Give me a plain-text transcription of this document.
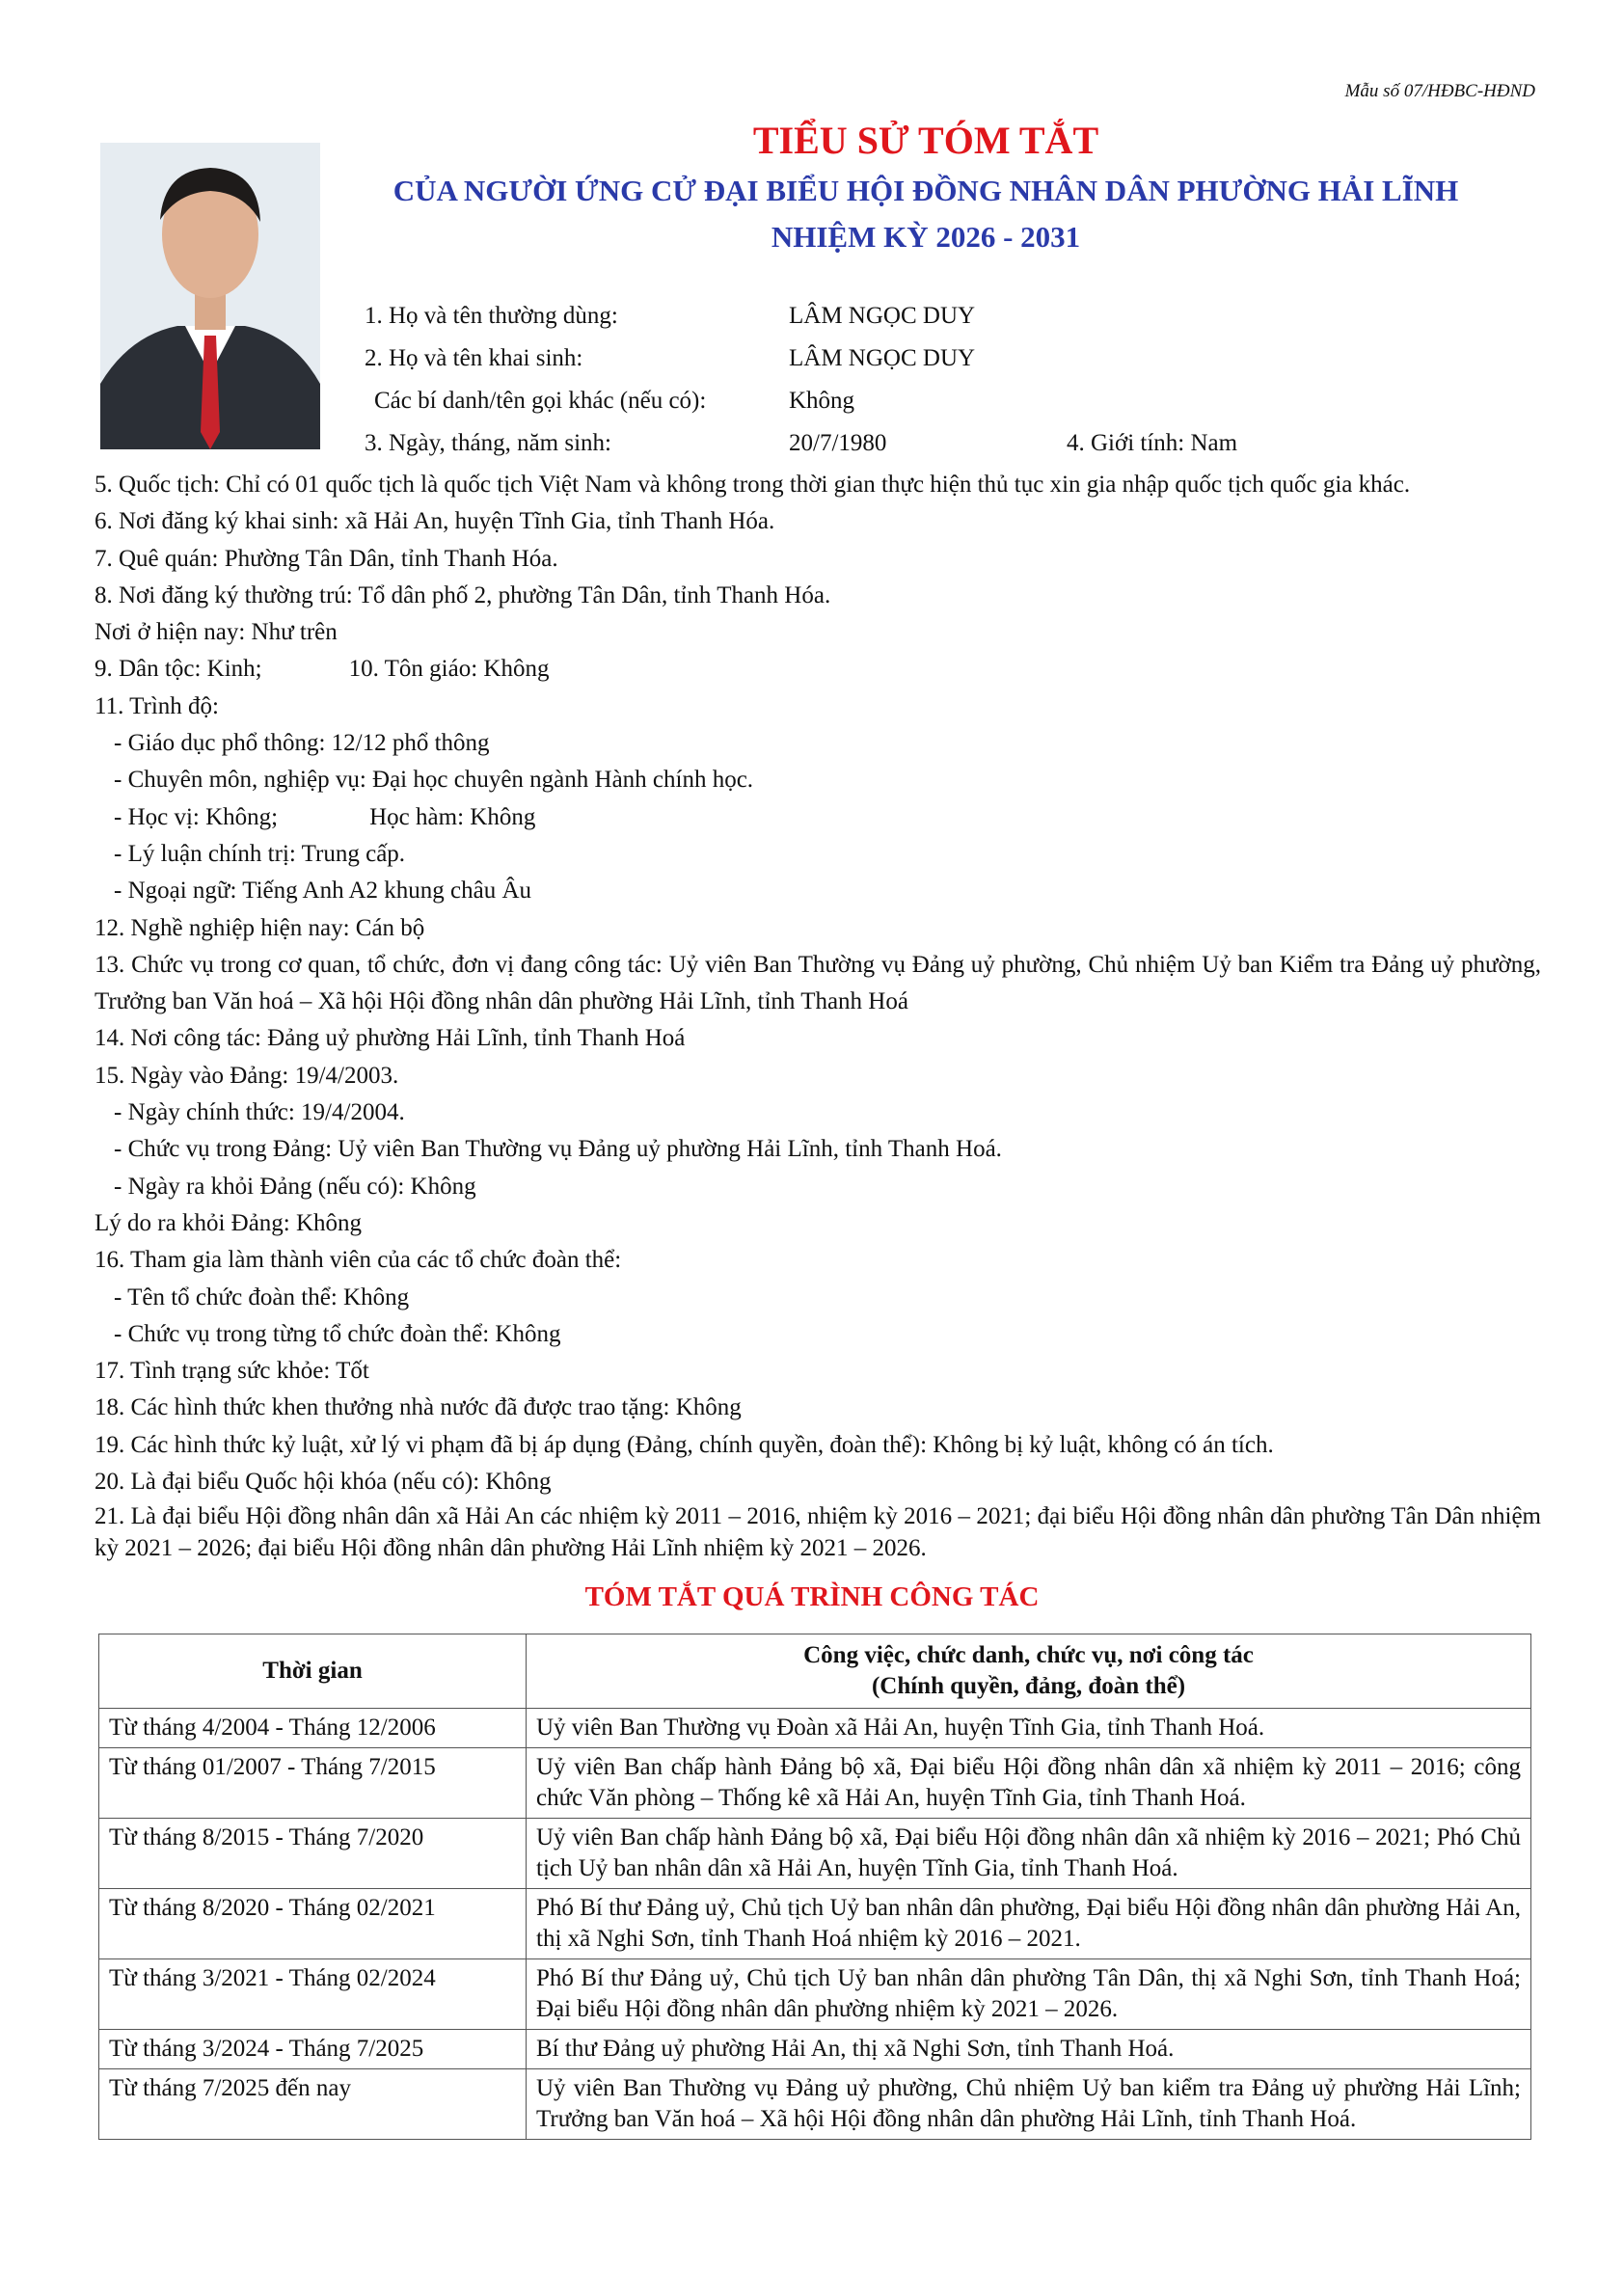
Mẫu số 07/HĐBC-HĐND
TIỂU SỬ TÓM TẮT
CỦA NGƯỜI ỨNG CỬ ĐẠI BIỂU HỘI ĐỒNG NHÂN DÂN PHƯỜNG HẢI LĨNH
NHIỆM KỲ 2026 - 2031
1. Họ và tên thường dùng:	LÂM NGỌC DUY
2. Họ và tên khai sinh:	LÂM NGỌC DUY
Các bí danh/tên gọi khác (nếu có):	Không
3. Ngày, tháng, năm sinh:	20/7/1980	4. Giới tính: Nam
5. Quốc tịch: Chỉ có 01 quốc tịch là quốc tịch Việt Nam và không trong thời gian thực hiện thủ tục xin gia nhập quốc tịch quốc gia khác.
6. Nơi đăng ký khai sinh: xã Hải An, huyện Tĩnh Gia, tỉnh Thanh Hóa.
7. Quê quán: Phường Tân Dân, tỉnh Thanh Hóa.
8. Nơi đăng ký thường trú: Tổ dân phố 2, phường Tân Dân, tỉnh Thanh Hóa.
Nơi ở hiện nay: Như trên
9. Dân tộc: Kinh;	10. Tôn giáo: Không
11. Trình độ:
- Giáo dục phổ thông: 12/12 phổ thông
- Chuyên môn, nghiệp vụ: Đại học chuyên ngành Hành chính học.
- Học vị: Không;	Học hàm: Không
- Lý luận chính trị: Trung cấp.
- Ngoại ngữ: Tiếng Anh A2 khung châu Âu
12. Nghề nghiệp hiện nay: Cán bộ
13. Chức vụ trong cơ quan, tổ chức, đơn vị đang công tác: Uỷ viên Ban Thường vụ Đảng uỷ phường, Chủ nhiệm Uỷ ban Kiểm tra Đảng uỷ phường, Trưởng ban Văn hoá – Xã hội Hội đồng nhân dân phường Hải Lĩnh, tỉnh Thanh Hoá
14. Nơi công tác: Đảng uỷ phường Hải Lĩnh, tỉnh Thanh Hoá
15. Ngày vào Đảng: 19/4/2003.
- Ngày chính thức: 19/4/2004.
- Chức vụ trong Đảng: Uỷ viên Ban Thường vụ Đảng uỷ phường Hải Lĩnh, tỉnh Thanh Hoá.
- Ngày ra khỏi Đảng (nếu có): Không
Lý do ra khỏi Đảng: Không
16. Tham gia làm thành viên của các tổ chức đoàn thể:
- Tên tổ chức đoàn thể: Không
- Chức vụ trong từng tổ chức đoàn thể: Không
17. Tình trạng sức khỏe: Tốt
18. Các hình thức khen thưởng nhà nước đã được trao tặng: Không
19. Các hình thức kỷ luật, xử lý vi phạm đã bị áp dụng (Đảng, chính quyền, đoàn thể): Không bị kỷ luật, không có án tích.
20. Là đại biểu Quốc hội khóa (nếu có): Không
21. Là đại biểu Hội đồng nhân dân xã Hải An các nhiệm kỳ 2011 – 2016, nhiệm kỳ 2016 – 2021; đại biểu Hội đồng nhân dân phường Tân Dân nhiệm kỳ 2021 – 2026; đại biểu Hội đồng nhân dân phường Hải Lĩnh nhiệm kỳ 2021 – 2026.
TÓM TẮT QUÁ TRÌNH CÔNG TÁC
Thời gian	Công việc, chức danh, chức vụ, nơi công tác
(Chính quyền, đảng, đoàn thể)

Từ tháng 4/2004 - Tháng 12/2006	Uỷ viên Ban Thường vụ Đoàn xã Hải An, huyện Tĩnh Gia, tỉnh Thanh Hoá.
Từ tháng 01/2007 - Tháng 7/2015	Uỷ viên Ban chấp hành Đảng bộ xã, Đại biểu Hội đồng nhân dân xã nhiệm kỳ 2011 – 2016; công chức Văn phòng – Thống kê xã Hải An, huyện Tĩnh Gia, tỉnh Thanh Hoá.
Từ tháng 8/2015 - Tháng 7/2020	Uỷ viên Ban chấp hành Đảng bộ xã, Đại biểu Hội đồng nhân dân xã nhiệm kỳ 2016 – 2021; Phó Chủ tịch Uỷ ban nhân dân xã Hải An, huyện Tĩnh Gia, tỉnh Thanh Hoá.
Từ tháng 8/2020 - Tháng 02/2021	Phó Bí thư Đảng uỷ, Chủ tịch Uỷ ban nhân dân phường, Đại biểu Hội đồng nhân dân phường Hải An, thị xã Nghi Sơn, tỉnh Thanh Hoá nhiệm kỳ 2016 – 2021.
Từ tháng 3/2021 - Tháng 02/2024	Phó Bí thư Đảng uỷ, Chủ tịch Uỷ ban nhân dân phường Tân Dân, thị xã Nghi Sơn, tỉnh Thanh Hoá; Đại biểu Hội đồng nhân dân phường nhiệm kỳ 2021 – 2026.
Từ tháng 3/2024 - Tháng 7/2025	Bí thư Đảng uỷ phường Hải An, thị xã Nghi Sơn, tỉnh Thanh Hoá.
Từ tháng 7/2025 đến nay	Uỷ viên Ban Thường vụ Đảng uỷ phường, Chủ nhiệm Uỷ ban kiểm tra Đảng uỷ phường Hải Lĩnh; Trưởng ban Văn hoá – Xã hội Hội đồng nhân dân phường Hải Lĩnh, tỉnh Thanh Hoá.
